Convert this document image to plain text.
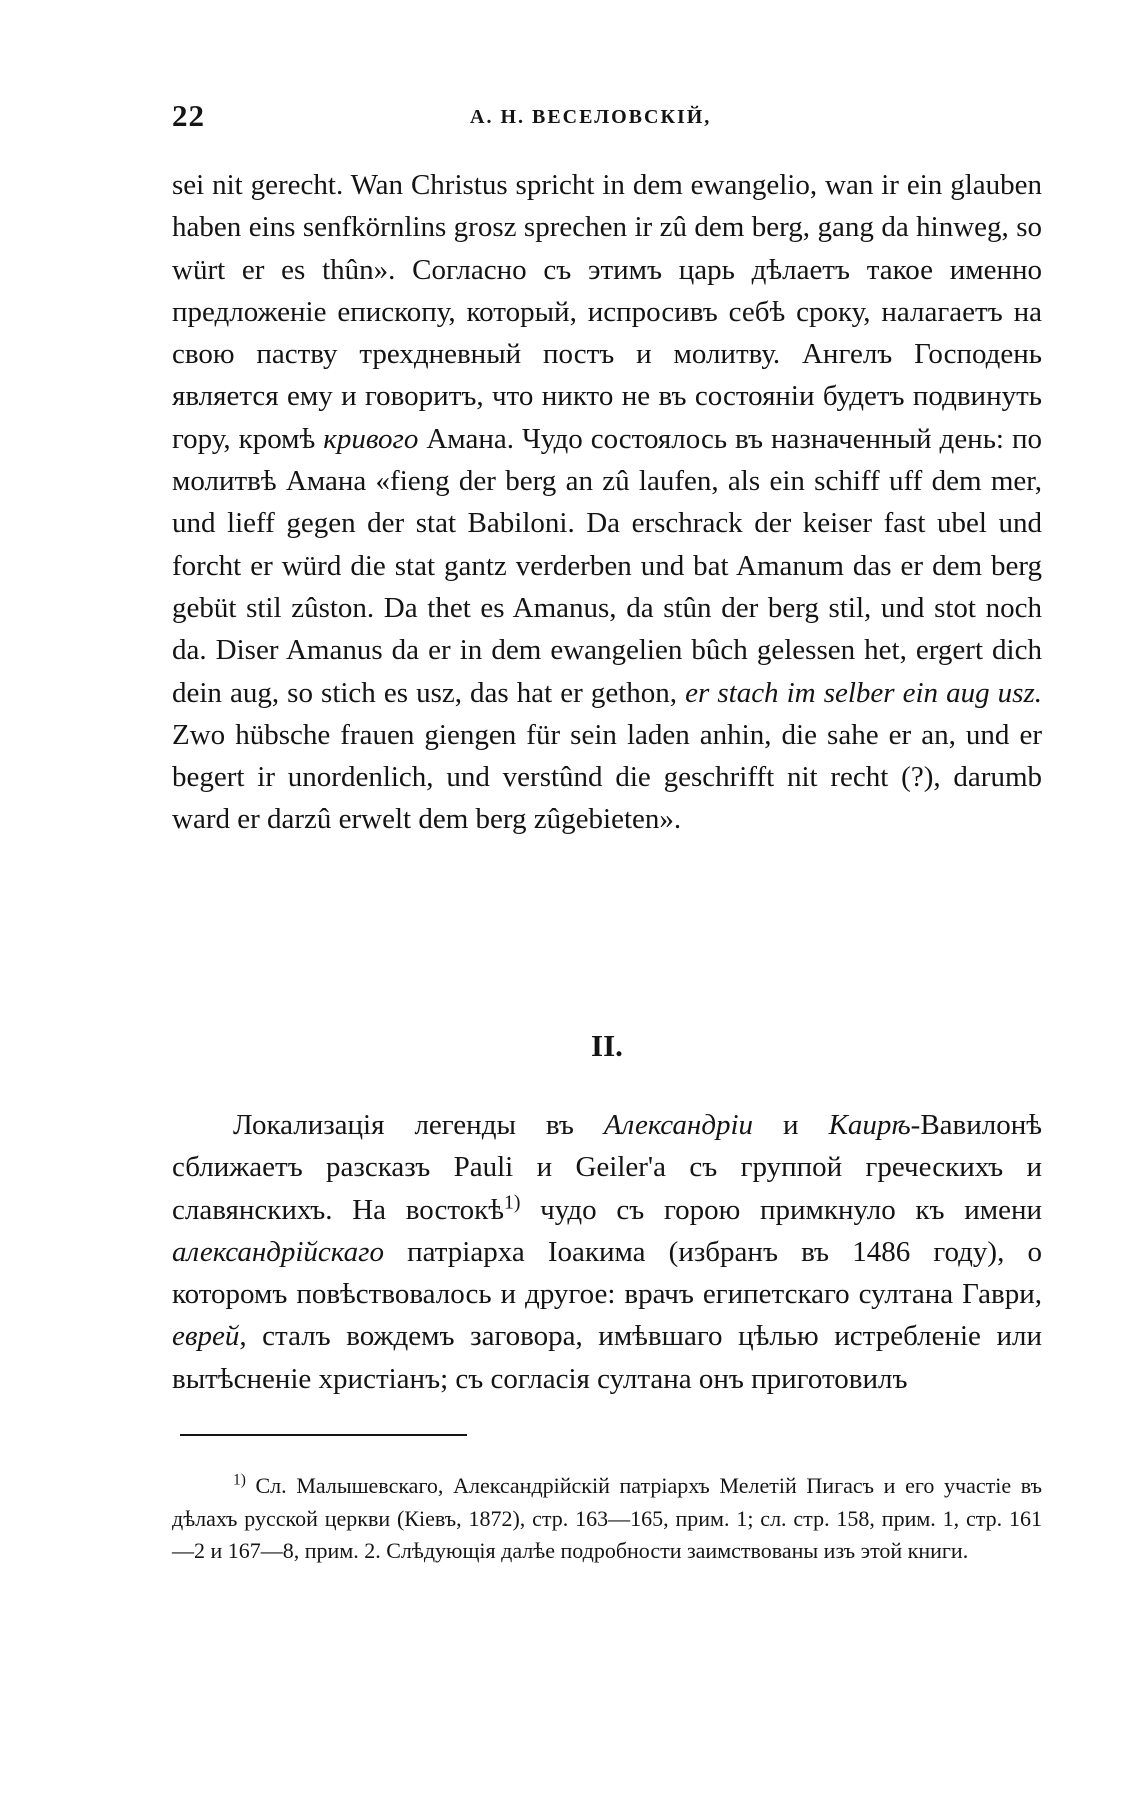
22	А. Н. ВЕСЕЛОВСКІЙ,

sei nit gerecht. Wan Christus spricht in dem ewangelio, wan ir ein glauben haben eins senfkörnlins grosz sprechen ir zû dem berg, gang da hinweg, so würt er es thûn». Согласно съ этимъ царь дѣлаетъ такое именно предложеніе епископу, который, испросивъ себѣ сроку, налагаетъ на свою паству трехдневный постъ и молитву. Ангелъ Господень является ему и говоритъ, что никто не въ состояніи будетъ подвинуть гору, кромѣ кривого Амана. Чудо состоялось въ назначенный день: по молитвѣ Амана «fieng der berg an zû laufen, als ein schiff uff dem mer, und lieff gegen der stat Babiloni. Da erschrack der keiser fast ubel und forcht er würd die stat gantz verderben und bat Amanum das er dem berg gebüt stil zûston. Da thet es Amanus, da stûn der berg stil, und stot noch da. Diser Amanus da er in dem ewangelien bûch gelessen het, ergert dich dein aug, so stich es usz, das hat er gethon, er stach im selber ein aug usz. Zwo hübsche frauen giengen für sein laden anhin, die sahe er an, und er begert ir unordenlich, und verstûnd die geschrifft nit recht (?), darumb ward er darzû erwelt dem berg zûgebieten».

II.

Локализація легенды въ Александріи и Каирѣ-Вавилонѣ сближаетъ разсказъ Pauli и Geiler'а съ группой греческихъ и славянскихъ. На востокѣ$^{1)}$ чудо съ горою примкнуло къ имени александрійскаго патріарха Іоакима (избранъ въ 1486 году), о которомъ повѣствовалось и другое: врачъ египетскаго султана Гаври, еврей, сталъ вождемъ заговора, имѣвшаго цѣлью истребленіе или вытѣсненіе христіанъ; съ согласія султана онъ приготовилъ

$^{1)}$ Сл. Малышевскаго, Александрійскій патріархъ Мелетій Пигасъ и его участіе въ дѣлахъ русской церкви (Кіевъ, 1872), стр. 163—165, прим. 1; сл. стр. 158, прим. 1, стр. 161—2 и 167—8, прим. 2. Слѣдующія далѣе подробности заимствованы изъ этой книги.
